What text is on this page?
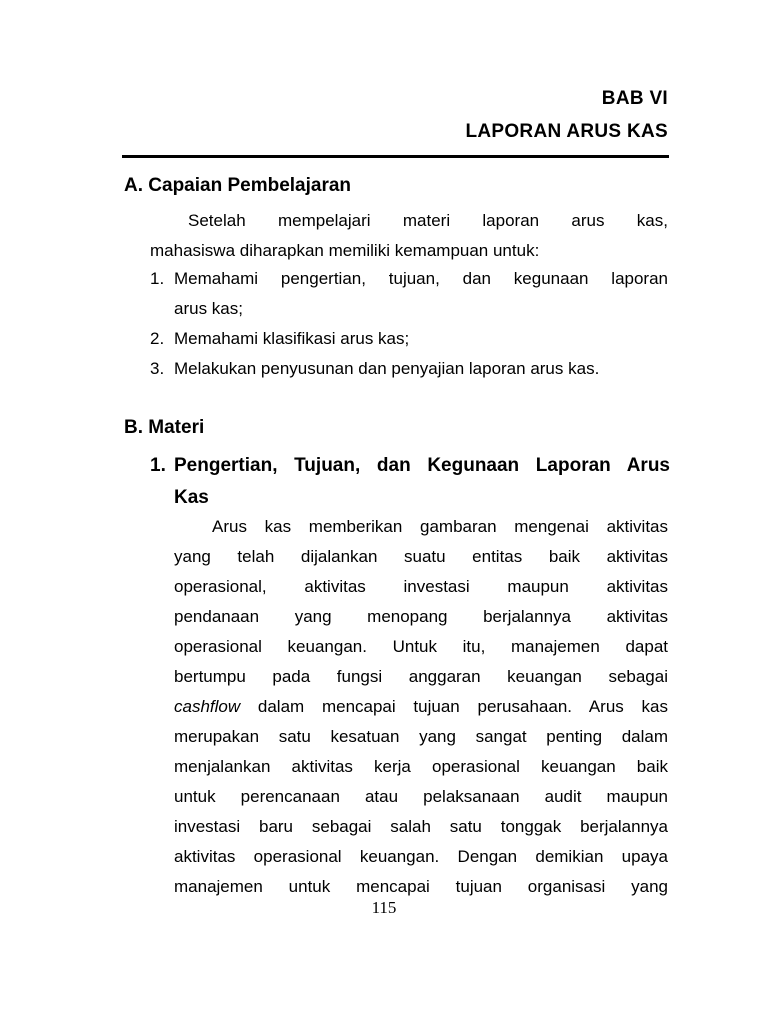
BAB VI
LAPORAN ARUS KAS
A. Capaian Pembelajaran

Setelah mempelajari materi laporan arus kas,
mahasiswa diharapkan memiliki kemampuan untuk:

1. Memahami pengertian, tujuan, dan kegunaan laporan
arus kas;
2. Memahami klasifikasi arus kas;
3. Melakukan penyusunan dan penyajian laporan arus kas.
B. Materi
1. Pengertian, Tujuan, dan Kegunaan Laporan Arus
Kas

Arus kas memberikan gambaran mengenai aktivitas
yang telah dijalankan suatu entitas baik aktivitas
operasional, aktivitas investasi maupun aktivitas
pendanaan yang menopang berjalannya aktivitas
operasional keuangan. Untuk itu, manajemen dapat
bertumpu pada fungsi anggaran keuangan sebagai
cashflow dalam mencapai tujuan perusahaan. Arus kas
merupakan satu kesatuan yang sangat penting dalam
menjalankan aktivitas kerja operasional keuangan baik
untuk perencanaan atau pelaksanaan audit maupun
investasi baru sebagai salah satu tonggak berjalannya
aktivitas operasional keuangan. Dengan demikian upaya
manajemen untuk mencapai tujuan organisasi yang

115
